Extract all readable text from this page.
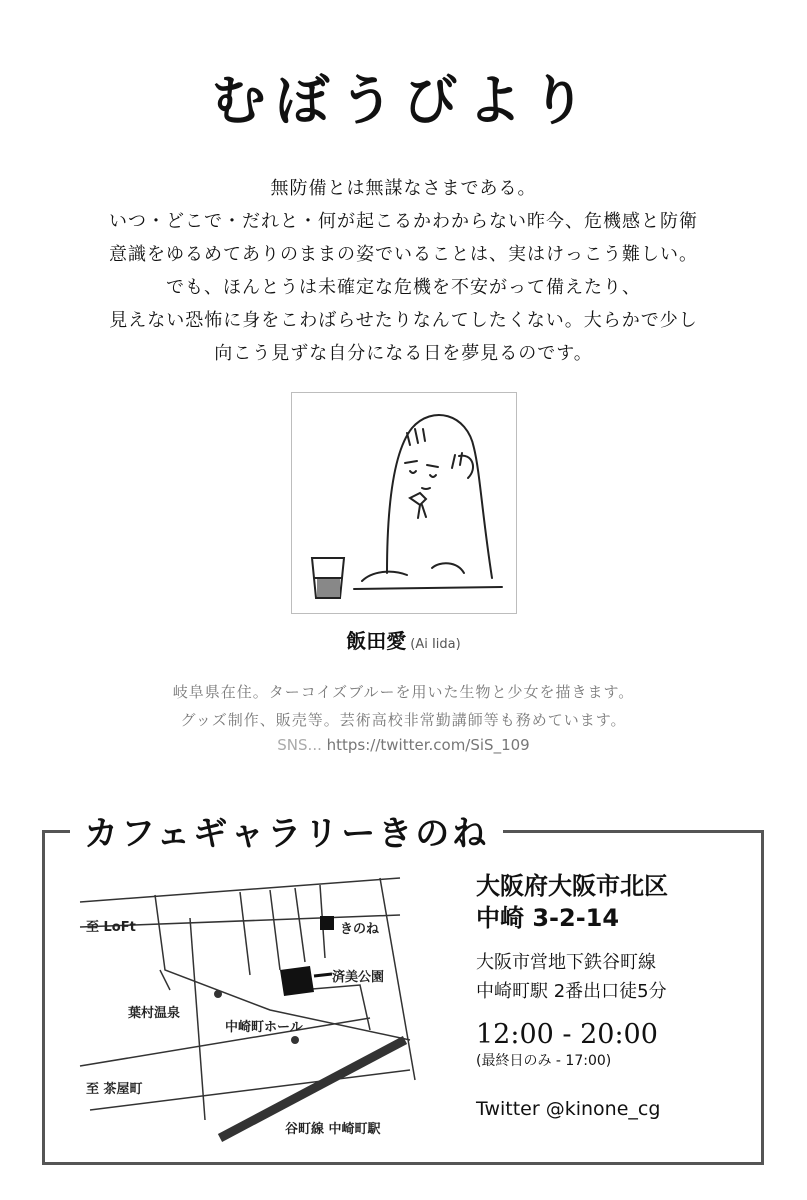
むぼうびより
無防備とは無謀なさまである。
いつ・どこで・だれと・何が起こるかわからない昨今、危機感と防衛
意識をゆるめてありのままの姿でいることは、実はけっこう難しい。
でも、ほんとうは未確定な危機を不安がって備えたり、
見えない恐怖に身をこわばらせたりなんてしたくない。大らかで少し
向こう見ずな自分になる日を夢見るのです。
飯田愛 (Ai Iida)
岐阜県在住。ターコイズブルーを用いた生物と少女を描きます。
グッズ制作、販売等。芸術高校非常勤講師等も務めています。
SNS... https://twitter.com/SiS_109
カフェギャラリーきのね
至 LoFt	きのね
済美公園
葉村温泉
中崎町ホール
至 茶屋町
谷町線 中崎町駅
大阪府大阪市北区
中崎 3-2-14
大阪市営地下鉄谷町線
中崎町駅 2番出口徒5分
12:00 - 20:00
(最終日のみ - 17:00)
Twitter @kinone_cg
